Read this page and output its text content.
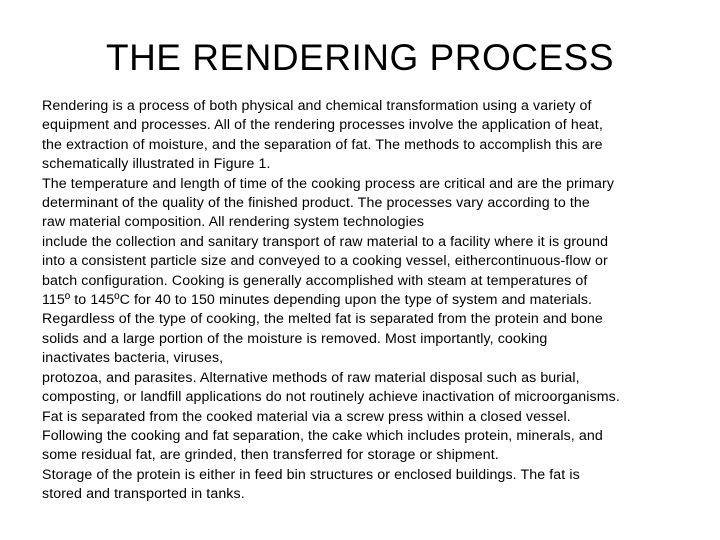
THE RENDERING PROCESS
Rendering is a process of both physical and chemical transformation using a variety of
equipment and processes. All of the rendering processes involve the application of heat,
the extraction of moisture, and the separation of fat. The methods to accomplish this are
schematically illustrated in Figure 1.
The temperature and length of time of the cooking process are critical and are the primary
determinant of the quality of the finished product. The processes vary according to the
raw material composition. All rendering system technologies
include the collection and sanitary transport of raw material to a facility where it is ground
into a consistent particle size and conveyed to a cooking vessel, eithercontinuous-flow or
batch configuration. Cooking is generally accomplished with steam at temperatures of
115º to 145ºC for 40 to 150 minutes depending upon the type of system and materials.
Regardless of the type of cooking, the melted fat is separated from the protein and bone
solids and a large portion of the moisture is removed. Most importantly, cooking
inactivates bacteria, viruses,
protozoa, and parasites. Alternative methods of raw material disposal such as burial,
composting, or landfill applications do not routinely achieve inactivation of microorganisms.
Fat is separated from the cooked material via a screw press within a closed vessel.
Following the cooking and fat separation, the cake which includes protein, minerals, and
some residual fat, are grinded, then transferred for storage or shipment.
Storage of the protein is either in feed bin structures or enclosed buildings. The fat is
stored and transported in tanks.
